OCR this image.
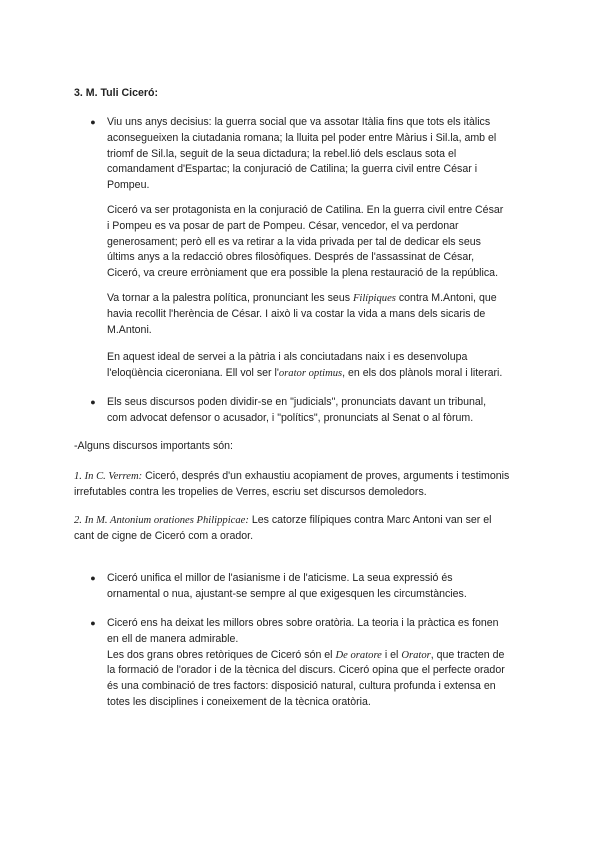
3. M. Tuli Ciceró:
● Viu uns anys decisius: la guerra social que va assotar Itàlia fins que tots els itàlics
aconsegueixen la ciutadania romana; la lluita pel poder entre Màrius i Sil.la, amb el
triomf de Sil.la, seguit de la seua dictadura; la rebel.lió dels esclaus sota el
comandament d'Espartac; la conjuració de Catilina; la guerra civil entre César i
Pompeu.
Ciceró va ser protagonista en la conjuració de Catilina. En la guerra civil entre César
i Pompeu es va posar de part de Pompeu. César, vencedor, el va perdonar
generosament; però ell es va retirar a la vida privada per tal de dedicar els seus
últims anys a la redacció obres filosòfiques. Després de l'assassinat de César,
Ciceró, va creure erròniament que era possible la plena restauració de la república.
Va tornar a la palestra política, pronunciant les seus Filípiques contra M.Antoni, que
havia recollit l'herència de César. I això li va costar la vida a mans dels sicaris de
M.Antoni.
En aquest ideal de servei a la pàtria i als conciutadans naix i es desenvolupa
l'eloqüència ciceroniana. Ell vol ser l'orator optimus, en els dos plànols moral i literari.
● Els seus discursos poden dividir-se en "judicials", pronunciats davant un tribunal,
com advocat defensor o acusador, i "polítics", pronunciats al Senat o al fòrum.
-Alguns discursos importants són:
1. In C. Verrem: Ciceró, després d'un exhaustiu acopiament de proves, arguments i testimonis
irrefutables contra les tropelies de Verres, escriu set discursos demoledors.
2. In M. Antonium orationes Philippicae: Les catorze filípiques contra Marc Antoni van ser el
cant de cigne de Ciceró com a orador.
● Ciceró unifica el millor de l'asianisme i de l'aticisme. La seua expressió és
ornamental o nua, ajustant-se sempre al que exigesquen les circumstàncies.
● Ciceró ens ha deixat les millors obres sobre oratòria. La teoria i la pràctica es fonen
en ell de manera admirable.
Les dos grans obres retòriques de Ciceró són el De oratore i el Orator, que tracten de
la formació de l'orador i de la tècnica del discurs. Ciceró opina que el perfecte orador
és una combinació de tres factors: disposició natural, cultura profunda i extensa en
totes les disciplines i coneixement de la tècnica oratòria.
